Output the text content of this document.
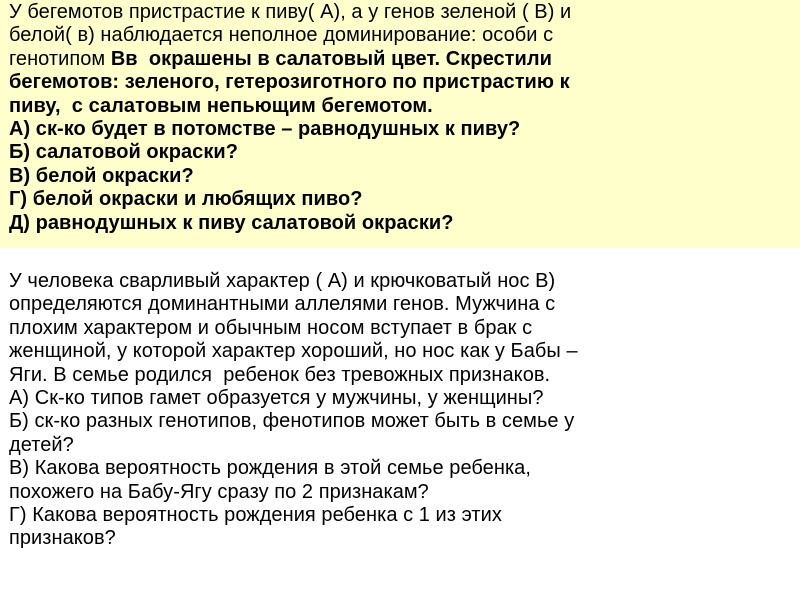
У бегемотов пристрастие к пиву( А), а у генов зеленой ( В) и
белой( в) наблюдается неполное доминирование: особи с
генотипом Вв  окрашены в салатовый цвет. Скрестили
бегемотов: зеленого, гетерозиготного по пристрастию к
пиву,  с салатовым непьющим бегемотом.
А) ск-ко будет в потомстве – равнодушных к пиву?
Б) салатовой окраски?
В) белой окраски?
Г) белой окраски и любящих пиво?
Д) равнодушных к пиву салатовой окраски?
У человека сварливый характер ( А) и крючковатый нос В)
определяются доминантными аллелями генов. Мужчина с
плохим характером и обычным носом вступает в брак с
женщиной, у которой характер хороший, но нос как у Бабы –
Яги. В семье родился  ребенок без тревожных признаков.
А) Ск-ко типов гамет образуется у мужчины, у женщины?
Б) ск-ко разных генотипов, фенотипов может быть в семье у
детей?
В) Какова вероятность рождения в этой семье ребенка,
похожего на Бабу-Ягу сразу по 2 признакам?
Г) Какова вероятность рождения ребенка с 1 из этих
признаков?
